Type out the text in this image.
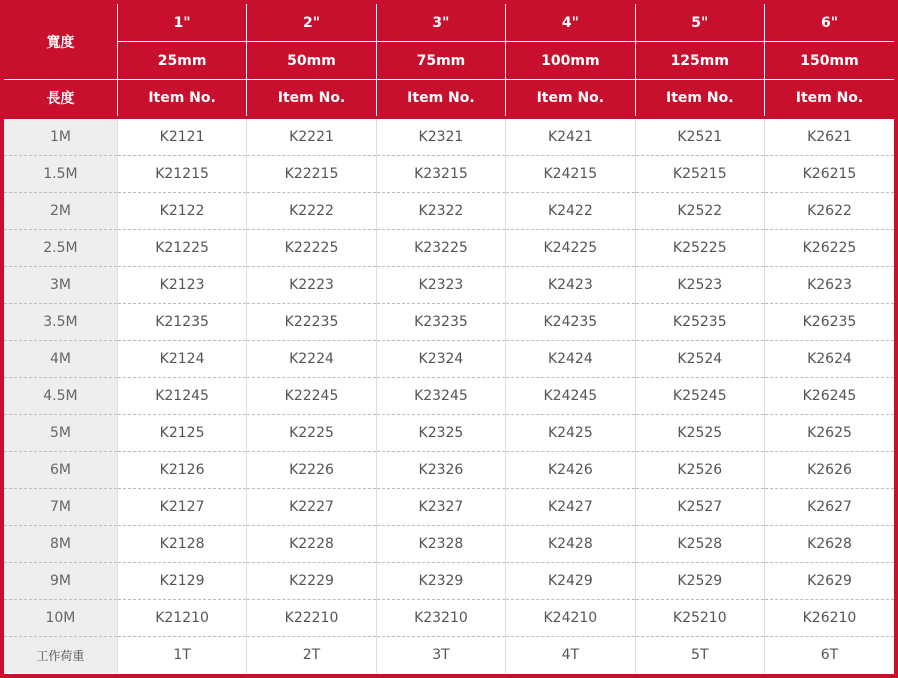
寬度	1"	2"	3"	4"	5"	6"
	25mm	50mm	75mm	100mm	125mm	150mm
長度	Item No.	Item No.	Item No.	Item No.	Item No.	Item No.
1M	K2121	K2221	K2321	K2421	K2521	K2621
1.5M	K21215	K22215	K23215	K24215	K25215	K26215
2M	K2122	K2222	K2322	K2422	K2522	K2622
2.5M	K21225	K22225	K23225	K24225	K25225	K26225
3M	K2123	K2223	K2323	K2423	K2523	K2623
3.5M	K21235	K22235	K23235	K24235	K25235	K26235
4M	K2124	K2224	K2324	K2424	K2524	K2624
4.5M	K21245	K22245	K23245	K24245	K25245	K26245
5M	K2125	K2225	K2325	K2425	K2525	K2625
6M	K2126	K2226	K2326	K2426	K2526	K2626
7M	K2127	K2227	K2327	K2427	K2527	K2627
8M	K2128	K2228	K2328	K2428	K2528	K2628
9M	K2129	K2229	K2329	K2429	K2529	K2629
10M	K21210	K22210	K23210	K24210	K25210	K26210
工作荷重	1T	2T	3T	4T	5T	6T
